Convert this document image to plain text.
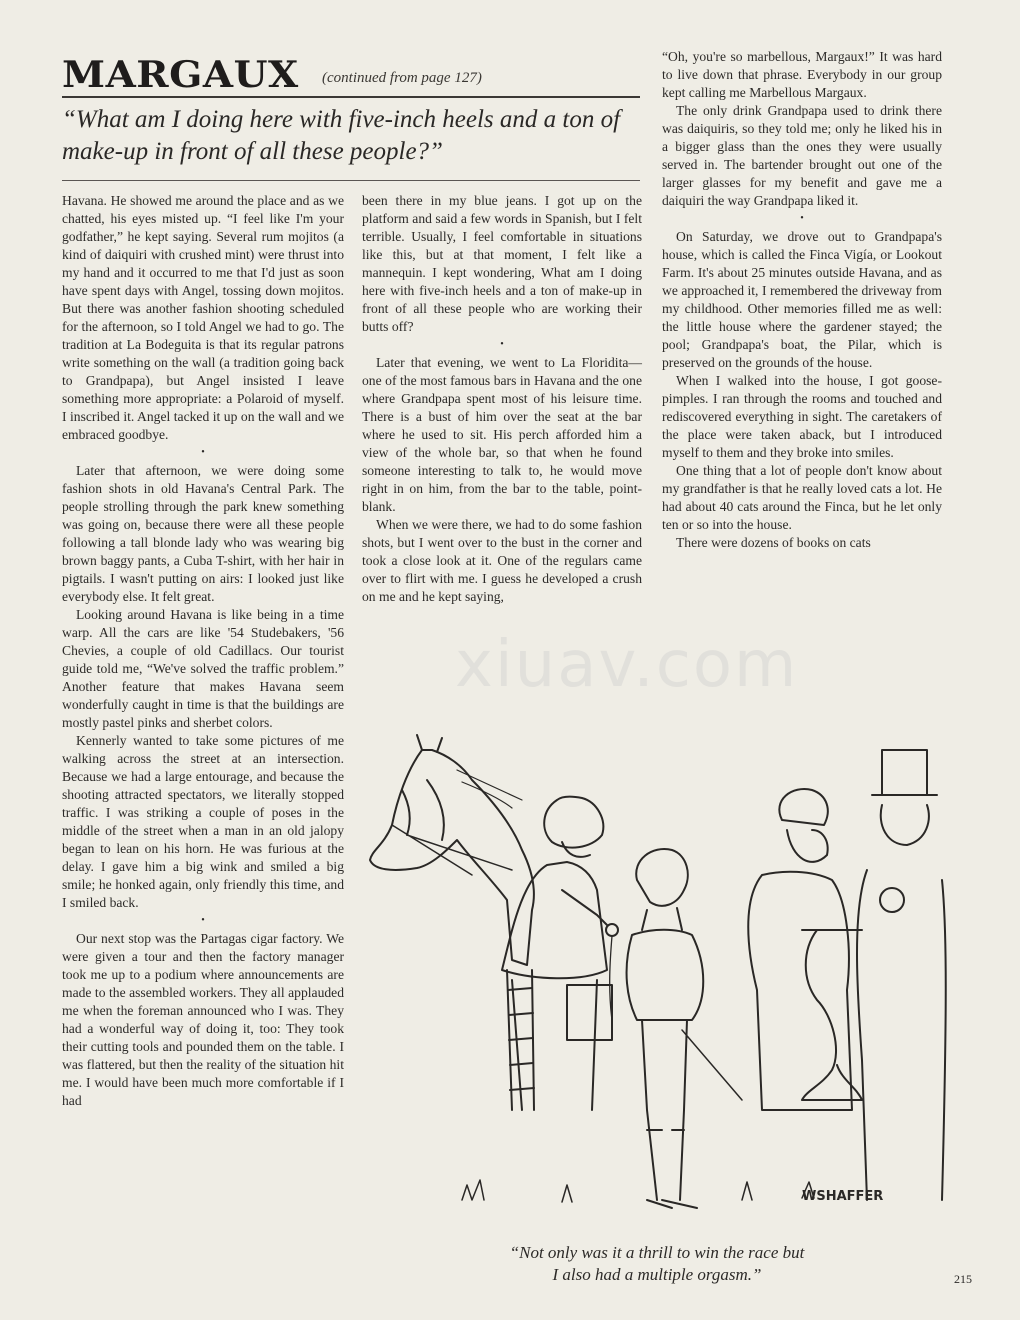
MARGAUX (continued from page 127)
“What am I doing here with five-inch heels and a ton of make-up in front of all these people?”

Havana. He showed me around the place and as we chatted, his eyes misted up. “I feel like I'm your godfather,” he kept saying. Several rum mojitos (a kind of daiquiri with crushed mint) were thrust into my hand and it occurred to me that I'd just as soon have spent days with Angel, tossing down mojitos. But there was another fashion shooting scheduled for the afternoon, so I told Angel we had to go. The tradition at La Bodeguita is that its regular patrons write something on the wall (a tradition going back to Grandpapa), but Angel insisted I leave something more appropriate: a Polaroid of myself. I inscribed it. Angel tacked it up on the wall and we embraced goodbye.

•

Later that afternoon, we were doing some fashion shots in old Havana's Central Park. The people strolling through the park knew something was going on, because there were all these people following a tall blonde lady who was wearing big brown baggy pants, a Cuba T-shirt, with her hair in pigtails. I wasn't putting on airs: I looked just like everybody else. It felt great.

Looking around Havana is like being in a time warp. All the cars are like '54 Studebakers, '56 Chevies, a couple of old Cadillacs. Our tourist guide told me, “We've solved the traffic problem.” Another feature that makes Havana seem wonderfully caught in time is that the buildings are mostly pastel pinks and sherbet colors.

Kennerly wanted to take some pictures of me walking across the street at an intersection. Because we had a large entourage, and because the shooting attracted spectators, we literally stopped traffic. I was striking a couple of poses in the middle of the street when a man in an old jalopy began to lean on his horn. He was furious at the delay. I gave him a big wink and smiled a big smile; he honked again, only friendly this time, and I smiled back.

•

Our next stop was the Partagas cigar factory. We were given a tour and then the factory manager took me up to a podium where announcements are made to the assembled workers. They all applauded me when the foreman announced who I was. They had a wonderful way of doing it, too: They took their cutting tools and pounded them on the table. I was flattered, but then the reality of the situation hit me. I would have been much more comfortable if I had

been there in my blue jeans. I got up on the platform and said a few words in Spanish, but I felt terrible. Usually, I feel comfortable in situations like this, but at that moment, I felt like a mannequin. I kept wondering, What am I doing here with five-inch heels and a ton of make-up in front of all these people who are working their butts off?

•

Later that evening, we went to La Floridita—one of the most famous bars in Havana and the one where Grandpapa spent most of his leisure time. There is a bust of him over the seat at the bar where he used to sit. His perch afforded him a view of the whole bar, so that when he found someone interesting to talk to, he would move right in on him, from the bar to the table, point-blank.

When we were there, we had to do some fashion shots, but I went over to the bust in the corner and took a close look at it. One of the regulars came over to flirt with me. I guess he developed a crush on me and he kept saying,

“Oh, you're so marbellous, Margaux!” It was hard to live down that phrase. Everybody in our group kept calling me Marbellous Margaux.

The only drink Grandpapa used to drink there was daiquiris, so they told me; only he liked his in a bigger glass than the ones they were usually served in. The bartender brought out one of the larger glasses for my benefit and gave me a daiquiri the way Grandpapa liked it.

•

On Saturday, we drove out to Grandpapa's house, which is called the Finca Vigía, or Lookout Farm. It's about 25 minutes outside Havana, and as we approached it, I remembered the driveway from my childhood. Other memories filled me as well: the little house where the gardener stayed; the pool; Grandpapa's boat, the Pilar, which is preserved on the grounds of the house.

When I walked into the house, I got goose-pimples. I ran through the rooms and touched and rediscovered everything in sight. The caretakers of the place were taken aback, but I introduced myself to them and they broke into smiles.

One thing that a lot of people don't know about my grandfather is that he really loved cats a lot. He had about 40 cats around the Finca, but he let only ten or so into the house.

There were dozens of books on cats

xiuav.com
WSHAFFER
“Not only was it a thrill to win the race but
I also had a multiple orgasm.”	215
